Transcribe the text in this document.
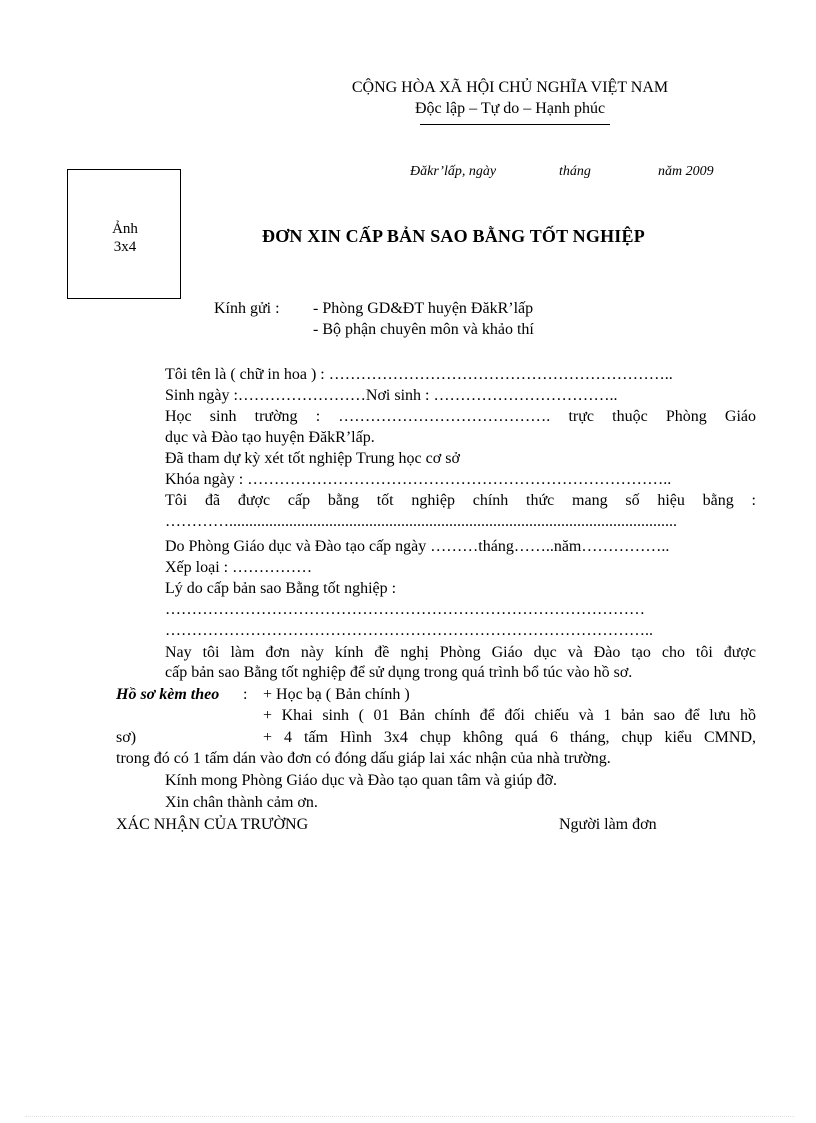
CỘNG HÒA XÃ HỘI CHỦ NGHĨA VIỆT NAM
Độc lập – Tự do – Hạnh phúc
Đăkr’lấp, ngày	tháng	năm 2009
Ảnh
3x4
ĐƠN XIN CẤP BẢN SAO BẰNG TỐT NGHIỆP
Kính gửi : - Phòng GD&ĐT huyện ĐăkR’lấp
- Bộ phận chuyên môn và khảo thí
Tôi tên là ( chữ in hoa ) : ………………………………………………………..
Sinh ngày :……………………Nơi sinh : ……………………………..
Học sinh trường : …………………………………. trực thuộc Phòng Giáo
dục và Đào tạo huyện ĐăkR’lấp.
Đã tham dự kỳ xét tốt nghiệp Trung học cơ sở
Khóa ngày : ……………………………………………………………………..
Tôi đã được cấp bằng tốt nghiệp chính thức mang số hiệu bằng :
…………................................................................................................................
Do Phòng Giáo dục và Đào tạo cấp ngày ………tháng……..năm……………..
Xếp loại : ……………
Lý do cấp bản sao Bằng tốt nghiệp :
………………………………………………………………………………
………………………………………………………………………………..
Nay tôi làm đơn này kính đề nghị Phòng Giáo dục và Đào tạo cho tôi được
cấp bản sao Bằng tốt nghiệp để sử dụng trong quá trình bổ túc vào hồ sơ.
Hồ sơ kèm theo : + Học bạ ( Bản chính )
+ Khai sinh ( 01 Bản chính để đối chiếu và 1 bản sao để lưu hồ
sơ)	+ 4 tấm Hình 3x4 chụp không quá 6 tháng, chụp kiểu CMND,
trong đó có 1 tấm dán vào đơn có đóng dấu giáp lai xác nhận của nhà trường.
Kính mong Phòng Giáo dục và Đào tạo quan tâm và giúp đỡ.
Xin chân thành cảm ơn.
XÁC NHẬN CỦA TRƯỜNG	Người làm đơn
